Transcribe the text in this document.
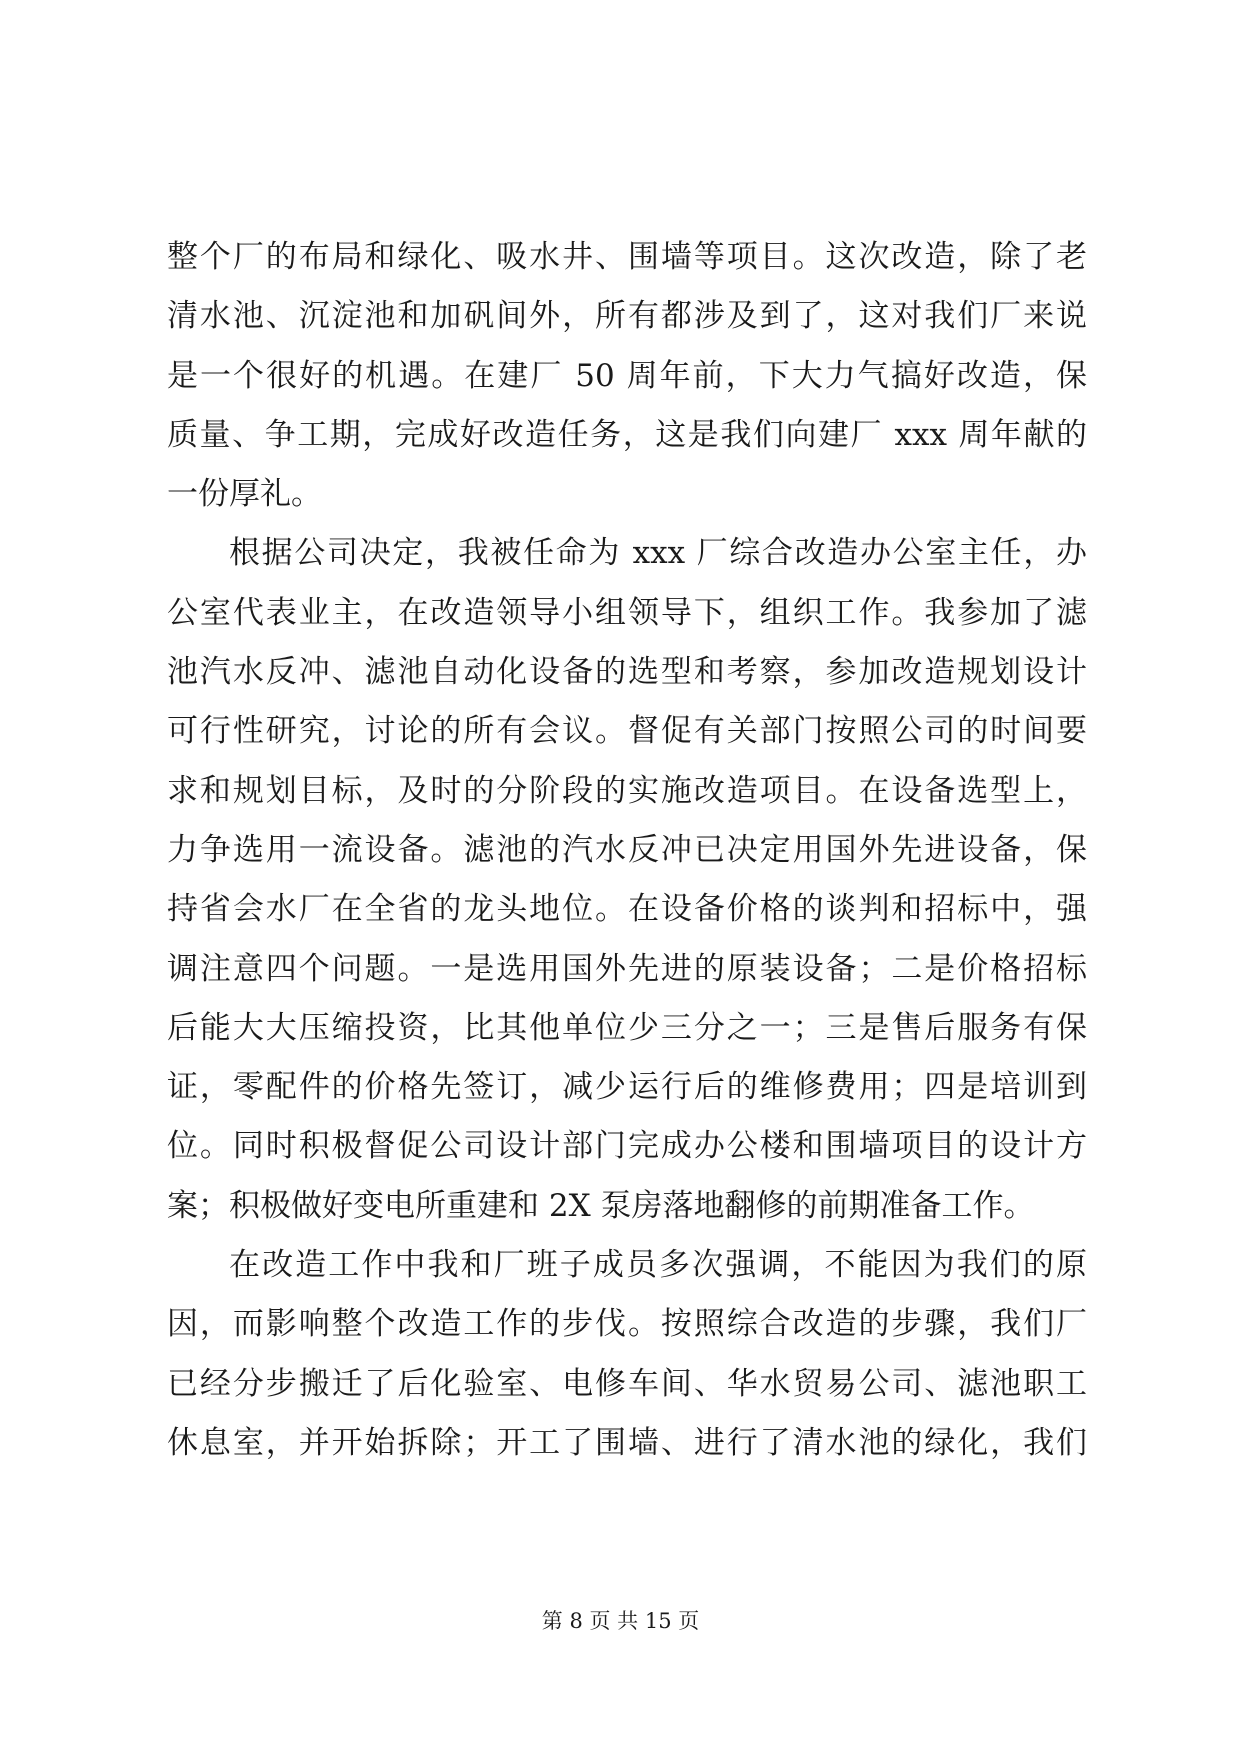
整个厂的布局和绿化、吸水井、围墙等项目。这次改造，除了老
清水池、沉淀池和加矾间外，所有都涉及到了，这对我们厂来说
是一个很好的机遇。在建厂 50 周年前，下大力气搞好改造，保
质量、争工期，完成好改造任务，这是我们向建厂 xxx 周年献的
一份厚礼。
根据公司决定，我被任命为 xxx 厂综合改造办公室主任，办
公室代表业主，在改造领导小组领导下，组织工作。我参加了滤
池汽水反冲、滤池自动化设备的选型和考察，参加改造规划设计
可行性研究，讨论的所有会议。督促有关部门按照公司的时间要
求和规划目标，及时的分阶段的实施改造项目。在设备选型上，
力争选用一流设备。滤池的汽水反冲已决定用国外先进设备，保
持省会水厂在全省的龙头地位。在设备价格的谈判和招标中，强
调注意四个问题。一是选用国外先进的原装设备；二是价格招标
后能大大压缩投资，比其他单位少三分之一；三是售后服务有保
证，零配件的价格先签订，减少运行后的维修费用；四是培训到
位。同时积极督促公司设计部门完成办公楼和围墙项目的设计方
案；积极做好变电所重建和 2X 泵房落地翻修的前期准备工作。
在改造工作中我和厂班子成员多次强调，不能因为我们的原
因，而影响整个改造工作的步伐。按照综合改造的步骤，我们厂
已经分步搬迁了后化验室、电修车间、华水贸易公司、滤池职工
休息室，并开始拆除；开工了围墙、进行了清水池的绿化，我们
第 8 页 共 15 页
